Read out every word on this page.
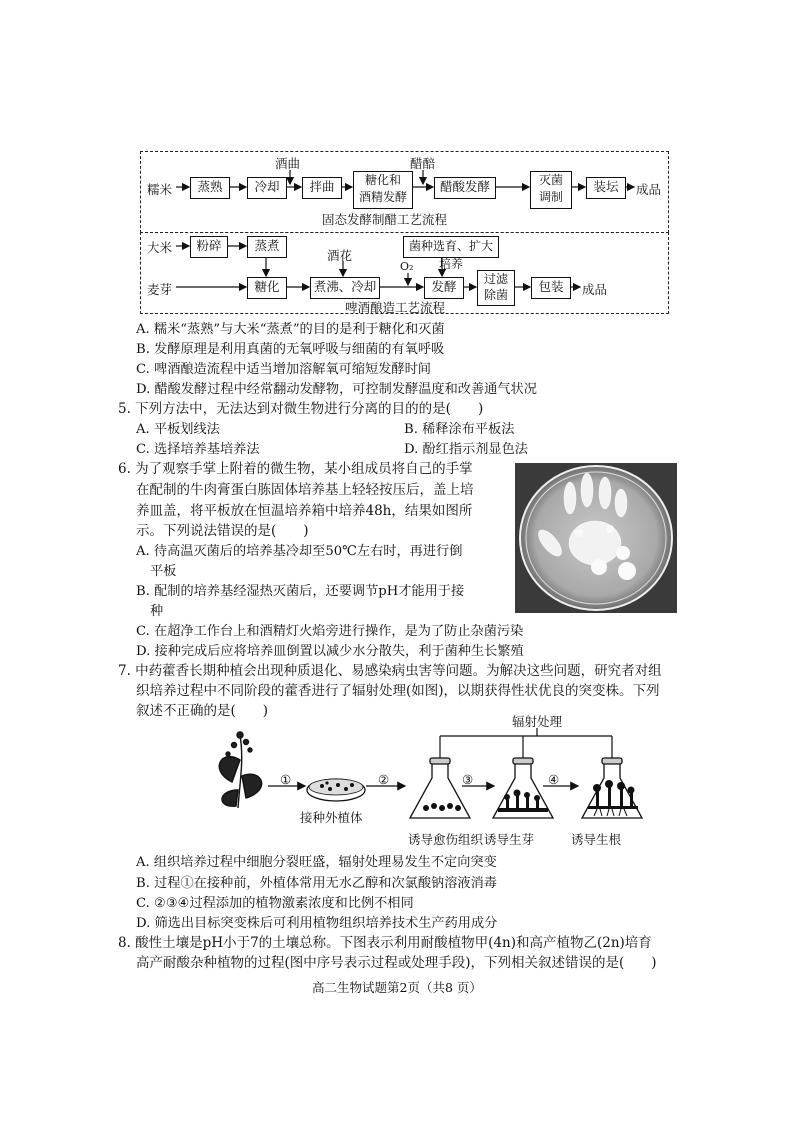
糯米	蒸熟	冷却	拌曲	糖化和
酒精发酵
醋酸发酵	灭菌
调制
装坛	成品
酒曲	醋醅
固态发酵制醋工艺流程
大米
麦芽
粉碎	蒸煮
糖化	煮沸、冷却	发酵	过滤
除菌
包装	成品
酒花
菌种选育、扩大培养
O₂
啤酒酿造工艺流程
A. 糯米“蒸熟”与大米“蒸煮”的目的是利于糖化和灭菌
B. 发酵原理是利用真菌的无氧呼吸与细菌的有氧呼吸
C. 啤酒酿造流程中适当增加溶解氧可缩短发酵时间
D. 醋酸发酵过程中经常翻动发酵物，可控制发酵温度和改善通气状况
5. 下列方法中，无法达到对微生物进行分离的目的的是(　　)
A. 平板划线法	B. 稀释涂布平板法
C. 选择培养基培养法	D. 酚红指示剂显色法
6. 为了观察手掌上附着的微生物，某小组成员将自己的手掌
在配制的牛肉膏蛋白胨固体培养基上轻轻按压后，盖上培
养皿盖，将平板放在恒温培养箱中培养48h，结果如图所
示。下列说法错误的是(　　)
A. 待高温灭菌后的培养基冷却至50℃左右时，再进行倒
平板
B. 配制的培养基经湿热灭菌后，还要调节pH才能用于接
种
C. 在超净工作台上和酒精灯火焰旁进行操作，是为了防止杂菌污染
D. 接种完成后应将培养皿倒置以减少水分散失，利于菌种生长繁殖
7. 中药藿香长期种植会出现种质退化、易感染病虫害等问题。为解决这些问题，研究者对组
织培养过程中不同阶段的藿香进行了辐射处理(如图)，以期获得性状优良的突变株。下列
叙述不正确的是(　　)
辐射处理
①	②	③	④
接种外植体
诱导愈伤组织 诱导生芽	诱导生根
A. 组织培养过程中细胞分裂旺盛，辐射处理易发生不定向突变
B. 过程①在接种前，外植体常用无水乙醇和次氯酸钠溶液消毒
C. ②③④过程添加的植物激素浓度和比例不相同
D. 筛选出目标突变株后可利用植物组织培养技术生产药用成分
8. 酸性土壤是pH小于7的土壤总称。下图表示利用耐酸植物甲(4n)和高产植物乙(2n)培育
高产耐酸杂种植物的过程(图中序号表示过程或处理手段)，下列相关叙述错误的是(　　)
高二生物试题第2页（共8 页）
